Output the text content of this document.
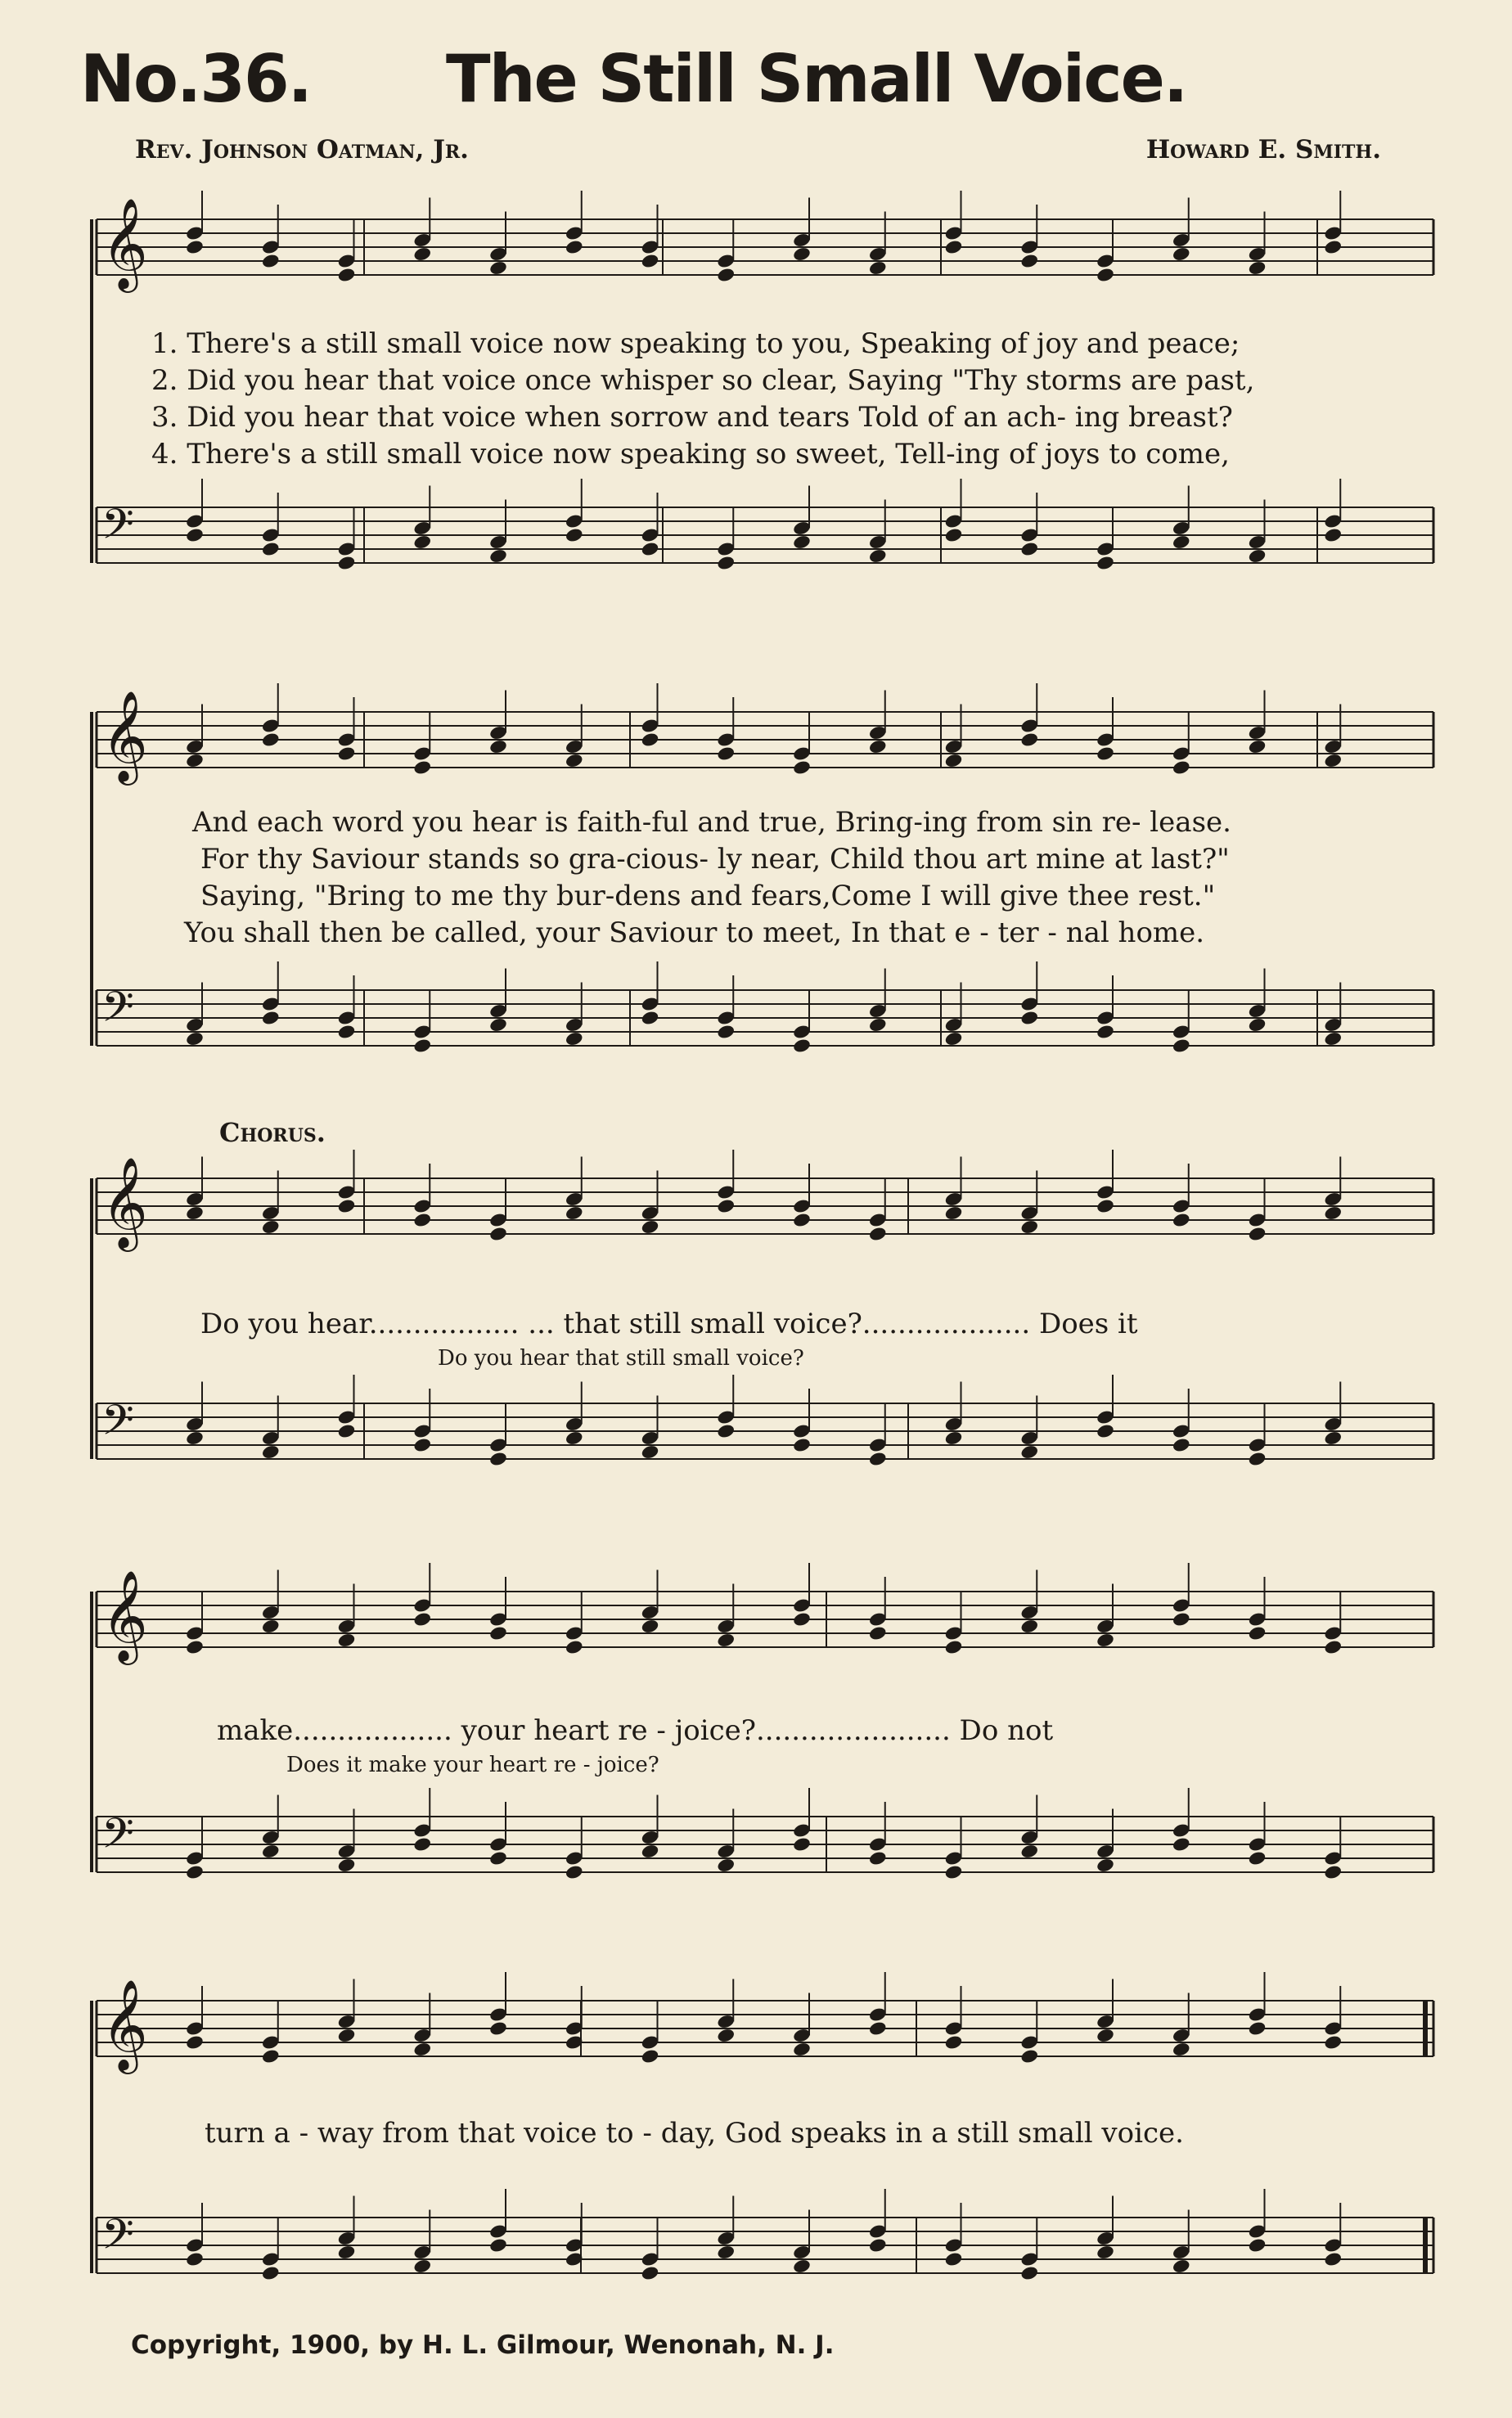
No.36. The Still Small Voice.
Rev. Johnson Oatman, Jr.	Howard E. Smith.
𝄞
𝄢
𝄞
𝄢
𝄞
𝄢
𝄞
𝄢
𝄞
𝄢
1. There's a still small voice now speaking to you, Speaking of joy and peace;
2. Did you hear that voice once whisper so clear, Saying "Thy storms are past,
3. Did you hear that voice when sorrow and tears Told of an ach- ing breast?
4. There's a still small voice now speaking so sweet, Tell-ing of joys to come,
And each word you hear is faith-ful and true, Bring-ing from sin re- lease.
For thy Saviour stands so gra-cious- ly near, Child thou art mine at last?"
Saying, "Bring to me thy bur-dens and fears,Come I will give thee rest."
You shall then be called, your Saviour to meet, In that e - ter - nal home.
Chorus.
Do you hear................. ... that still small voice?................... Does it
Do you hear that still small voice?
make.................. your heart re - joice?...................... Do not
Does it make your heart re - joice?
turn a - way from that voice to - day, God speaks in a still small voice.
Copyright, 1900, by H. L. Gilmour, Wenonah, N. J.
